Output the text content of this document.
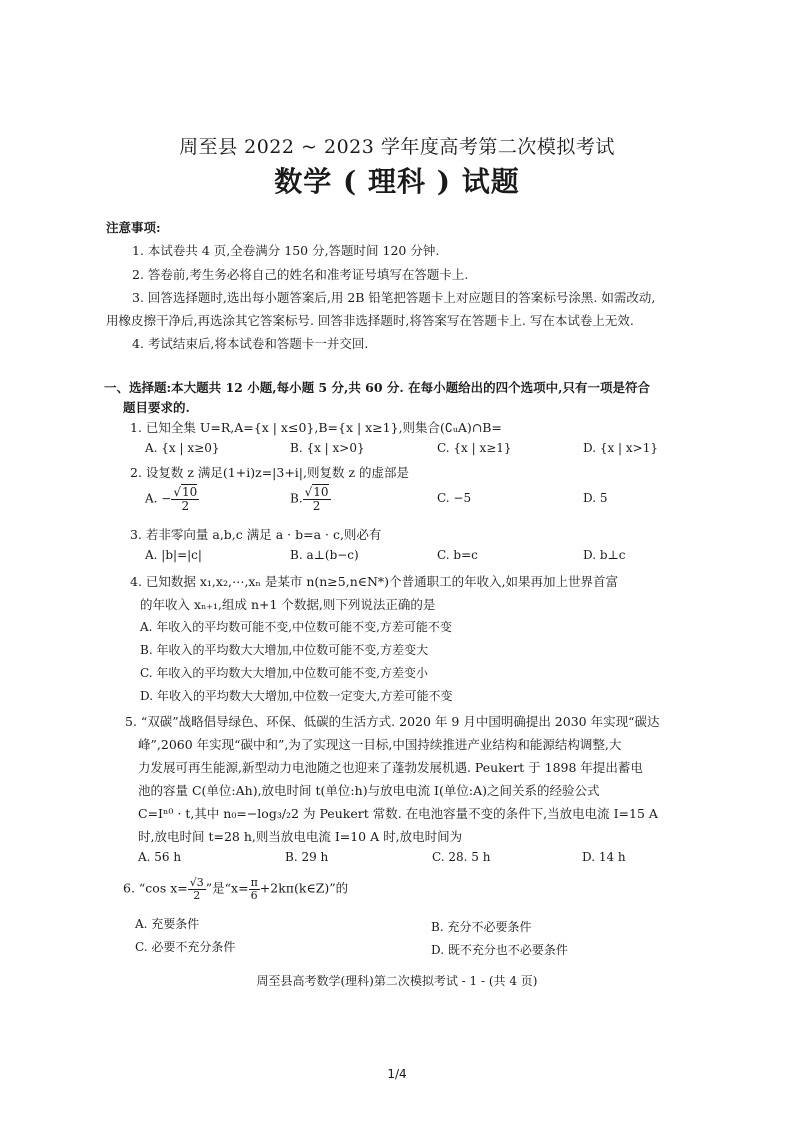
周至县 2022 ~ 2023 学年度高考第二次模拟考试
数学 ( 理科 ) 试题
注意事项:
1. 本试卷共 4 页,全卷满分 150 分,答题时间 120 分钟.
2. 答卷前,考生务必将自己的姓名和准考证号填写在答题卡上.
3. 回答选择题时,选出每小题答案后,用 2B 铅笔把答题卡上对应题目的答案标号涂黑. 如需改动,
用橡皮擦干净后,再选涂其它答案标号. 回答非选择题时,将答案写在答题卡上. 写在本试卷上无效.
4. 考试结束后,将本试卷和答题卡一并交回.
一、选择题:本大题共 12 小题,每小题 5 分,共 60 分. 在每小题给出的四个选项中,只有一项是符合
题目要求的.
1. 已知全集 U=R,A={x | x≤0},B={x | x≥1},则集合(∁ᵤA)∩B=
A. {x | x≥0}	B. {x | x>0}	C. {x | x≥1}	D. {x | x>1}
2. 设复数 z 满足(1+i)z=|3+i|,则复数 z 的虚部是
A. − $\frac{√10}{2}$	B. $\frac{√10}{2}$	C. −5	D. 5
3. 若非零向量 a,b,c 满足 a · b=a · c,则必有
A. |b|=|c|	B. a⊥(b−c)	C. b=c	D. b⊥c
4. 已知数据 x₁,x₂,⋯,xₙ 是某市 n(n≥5,n∈N*)个普通职工的年收入,如果再加上世界首富
的年收入 xₙ₊₁,组成 n+1 个数据,则下列说法正确的是
A. 年收入的平均数可能不变,中位数可能不变,方差可能不变
B. 年收入的平均数大大增加,中位数可能不变,方差变大
C. 年收入的平均数大大增加,中位数可能不变,方差变小
D. 年收入的平均数大大增加,中位数一定变大,方差可能不变
5. “双碳”战略倡导绿色、环保、低碳的生活方式. 2020 年 9 月中国明确提出 2030 年实现“碳达
峰”,2060 年实现“碳中和”,为了实现这一目标,中国持续推进产业结构和能源结构调整,大
力发展可再生能源,新型动力电池随之也迎来了蓬勃发展机遇. Peukert 于 1898 年提出蓄电
池的容量 C(单位:Ah),放电时间 t(单位:h)与放电电流 I(单位:A)之间关系的经验公式
C=Iⁿ⁰ · t,其中 n₀=−log₃/₂2 为 Peukert 常数. 在电池容量不变的条件下,当放电电流 I=15 A
时,放电时间 t=28 h,则当放电电流 I=10 A 时,放电时间为
A. 56 h	B. 29 h	C. 28. 5 h	D. 14 h
6. “cos $x= \frac{√3}{2}$ ”是“$x= \frac{\pi}{6}$ +2kπ(k∈Z)”的
A. 充要条件	B. 充分不必要条件
C. 必要不充分条件	D. 既不充分也不必要条件
周至县高考数学(理科)第二次模拟考试 - 1 - (共 4 页)
1/4
